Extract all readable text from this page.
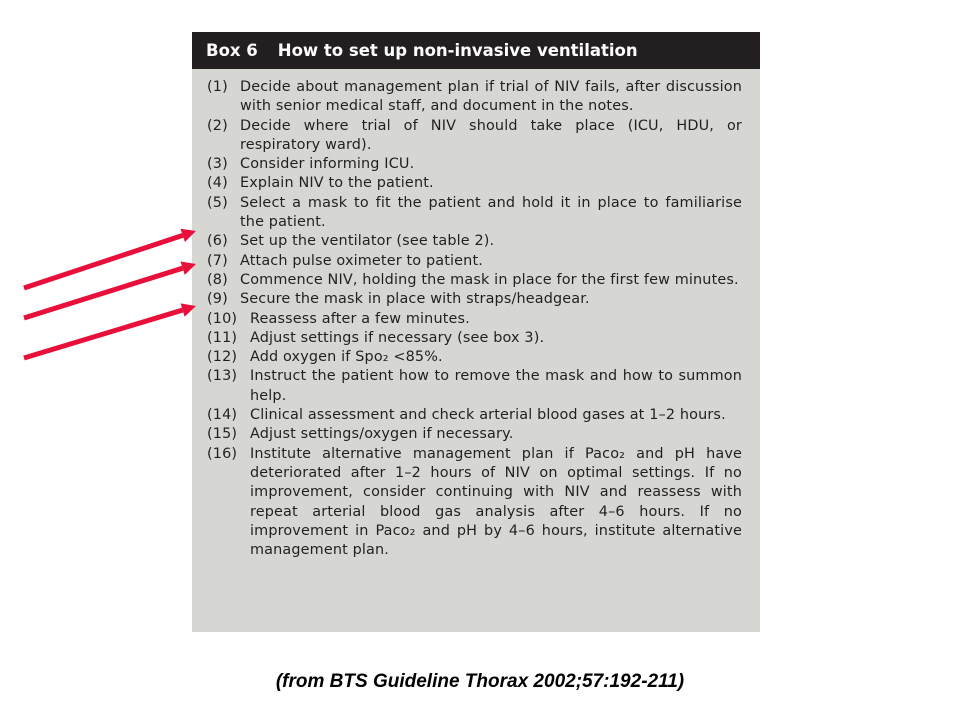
Box 6 How to set up non-invasive ventilation
(1) Decide about management plan if trial of NIV fails, after discussion with senior medical staff, and document in the notes.
(2) Decide where trial of NIV should take place (ICU, HDU, or respiratory ward).
(3) Consider informing ICU.
(4) Explain NIV to the patient.
(5) Select a mask to fit the patient and hold it in place to familiarise the patient.
(6) Set up the ventilator (see table 2).
(7) Attach pulse oximeter to patient.
(8) Commence NIV, holding the mask in place for the first few minutes.
(9) Secure the mask in place with straps/headgear.
(10) Reassess after a few minutes.
(11) Adjust settings if necessary (see box 3).
(12) Add oxygen if Spo₂ <85%.
(13) Instruct the patient how to remove the mask and how to summon help.
(14) Clinical assessment and check arterial blood gases at 1–2 hours.
(15) Adjust settings/oxygen if necessary.
(16) Institute alternative management plan if Paco₂ and pH have deteriorated after 1–2 hours of NIV on optimal settings. If no improvement, consider continuing with NIV and reassess with repeat arterial blood gas analysis after 4–6 hours. If no improvement in Paco₂ and pH by 4–6 hours, institute alternative management plan.
(from BTS Guideline Thorax 2002;57:192-211)
